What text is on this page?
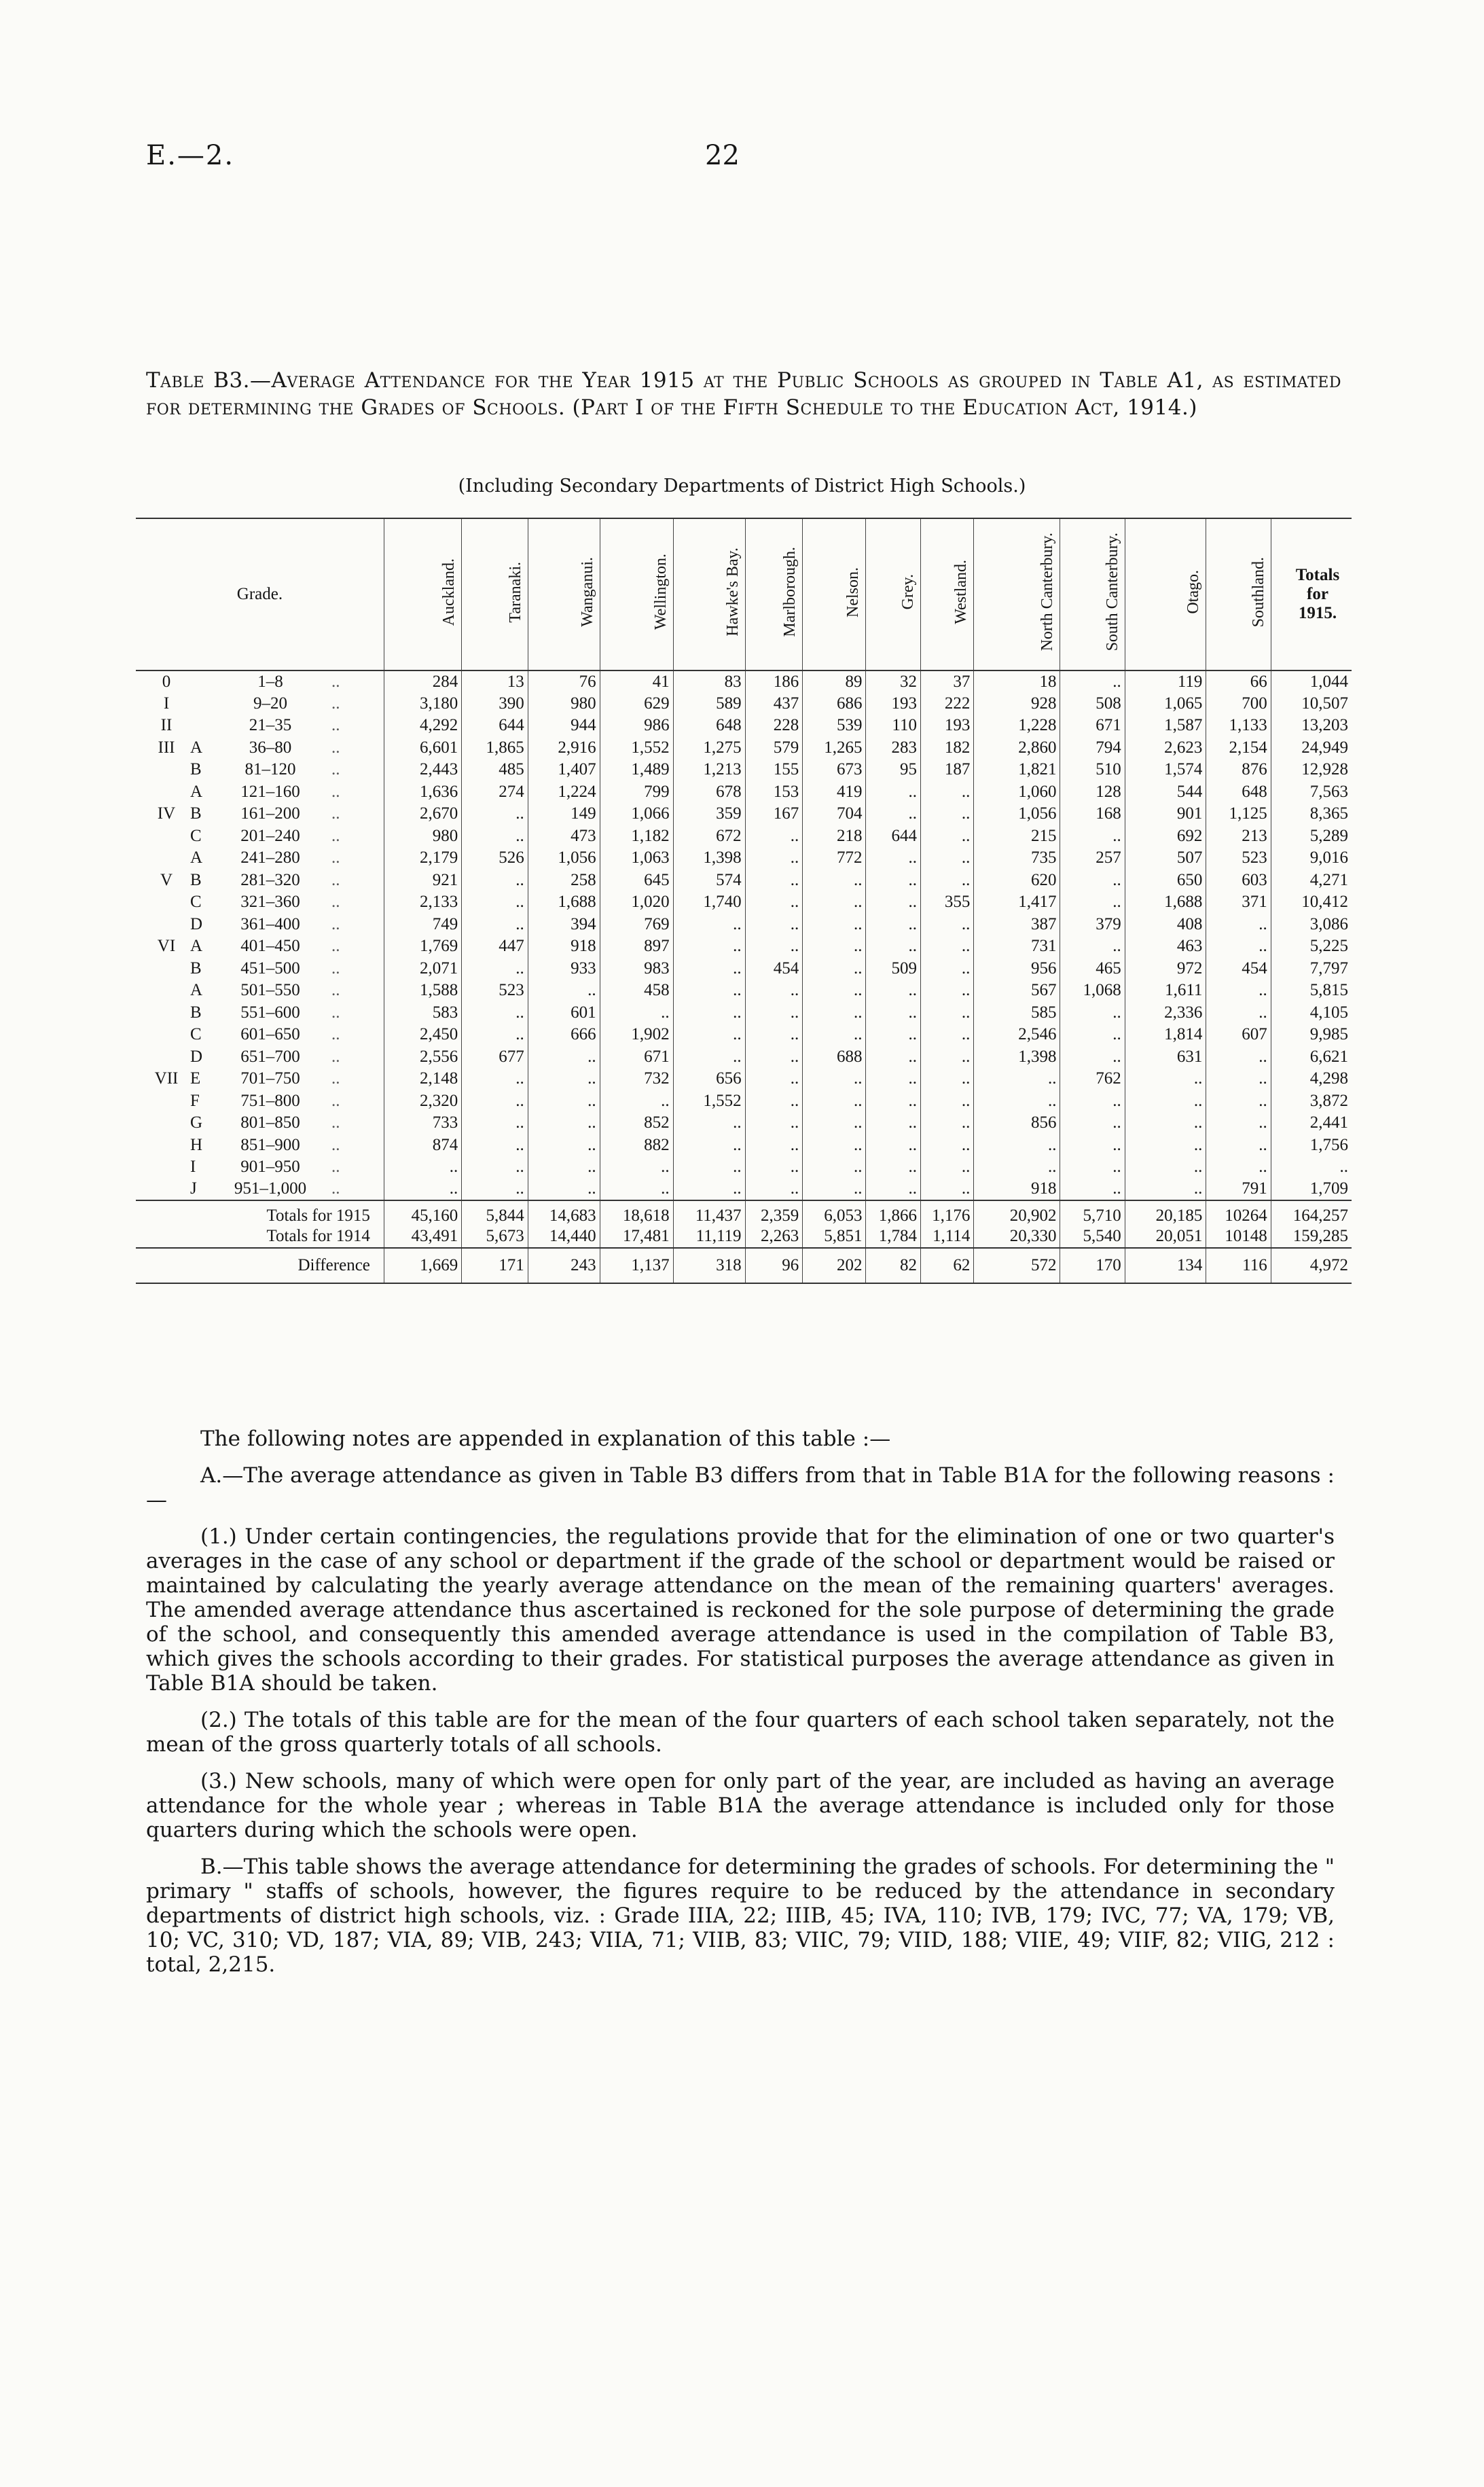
E.—2.	22
Table B3.—Average Attendance for the Year 1915 at the Public Schools as grouped in Table A1, as estimated for determining the Grades of Schools. (Part I of the Fifth Schedule to the Education Act, 1914.)
(Including Secondary Departments of District High Schools.)
Grade.	Auckland.	Taranaki.	Wanganui.	Wellington.	Hawke's Bay.	Marlborough.	Nelson.	Grey.	Westland.	North Canterbury.	South Canterbury.	Otago.	Southland.	Totals for 1915.
0 1–8 ..	284	13	76	41	83	186	89	32	37	18	..	119	66	1,044
I 9–20 ..	3,180	390	980	629	589	437	686	193	222	928	508	1,065	700	10,507
II 21–35 ..	4,292	644	944	986	648	228	539	110	193	1,228	671	1,587	1,133	13,203
III A 36–80 ..	6,601	1,865	2,916	1,552	1,275	579	1,265	283	182	2,860	794	2,623	2,154	24,949
B 81–120 ..	2,443	485	1,407	1,489	1,213	155	673	95	187	1,821	510	1,574	876	12,928
A 121–160 ..	1,636	274	1,224	799	678	153	419	..	..	1,060	128	544	648	7,563
IV B 161–200 ..	2,670	..	149	1,066	359	167	704	..	..	1,056	168	901	1,125	8,365
C 201–240 ..	980	..	473	1,182	672	..	218	644	..	215	..	692	213	5,289
A 241–280 ..	2,179	526	1,056	1,063	1,398	..	772	..	..	735	257	507	523	9,016
V B 281–320 ..	921	..	258	645	574	..	..	..	..	620	..	650	603	4,271
C 321–360 ..	2,133	..	1,688	1,020	1,740	..	..	..	355	1,417	..	1,688	371	10,412
D 361–400 ..	749	..	394	769	..	..	..	..	..	387	379	408	..	3,086
VI A 401–450 ..	1,769	447	918	897	..	..	..	..	..	731	..	463	..	5,225
B 451–500 ..	2,071	..	933	983	..	454	..	509	..	956	465	972	454	7,797
A 501–550 ..	1,588	523	..	458	..	..	..	..	..	567	1,068	1,611	..	5,815
B 551–600 ..	583	..	601	..	..	..	..	..	..	585	..	2,336	..	4,105
C 601–650 ..	2,450	..	666	1,902	..	..	..	..	..	2,546	..	1,814	607	9,985
D 651–700 ..	2,556	677	..	671	..	..	688	..	..	1,398	..	631	..	6,621
VII E 701–750 ..	2,148	..	..	732	656	..	..	..	..	..	762	..	..	4,298
F 751–800 ..	2,320	..	..	..	1,552	..	..	..	..	..	..	..	..	3,872
G 801–850 ..	733	..	..	852	..	..	..	..	..	856	..	..	..	2,441
H 851–900 ..	874	..	..	882	..	..	..	..	..	..	..	..	..	1,756
I 901–950 ..	..	..	..	..	..	..	..	..	..	..	..	..	..	..
J 951–1,000 ..	..	..	..	..	..	..	..	..	..	918	..	..	791	1,709
Totals for 1915	45,160	5,844	14,683	18,618	11,437	2,359	6,053	1,866	1,176	20,902	5,710	20,185	10264	164,257
Totals for 1914	43,491	5,673	14,440	17,481	11,119	2,263	5,851	1,784	1,114	20,330	5,540	20,051	10148	159,285
Difference	1,669	171	243	1,137	318	96	202	82	62	572	170	134	116	4,972

The following notes are appended in explanation of this table :—

A.—The average attendance as given in Table B3 differs from that in Table B1A for the following reasons :—

(1.) Under certain contingencies, the regulations provide that for the elimination of one or two quarter's averages in the case of any school or department if the grade of the school or department would be raised or maintained by calculating the yearly average attendance on the mean of the remaining quarters' averages. The amended average attendance thus ascertained is reckoned for the sole purpose of determining the grade of the school, and consequently this amended average attendance is used in the compilation of Table B3, which gives the schools according to their grades. For statistical purposes the average attendance as given in Table B1A should be taken.

(2.) The totals of this table are for the mean of the four quarters of each school taken separately, not the mean of the gross quarterly totals of all schools.

(3.) New schools, many of which were open for only part of the year, are included as having an average attendance for the whole year ; whereas in Table B1A the average attendance is included only for those quarters during which the schools were open.

B.—This table shows the average attendance for determining the grades of schools. For determining the " primary " staffs of schools, however, the figures require to be reduced by the attendance in secondary departments of district high schools, viz. : Grade IIIA, 22; IIIB, 45; IVA, 110; IVB, 179; IVC, 77; VA, 179; VB, 10; VC, 310; VD, 187; VIA, 89; VIB, 243; VIIA, 71; VIIB, 83; VIIC, 79; VIID, 188; VIIE, 49; VIIF, 82; VIIG, 212 : total, 2,215.
